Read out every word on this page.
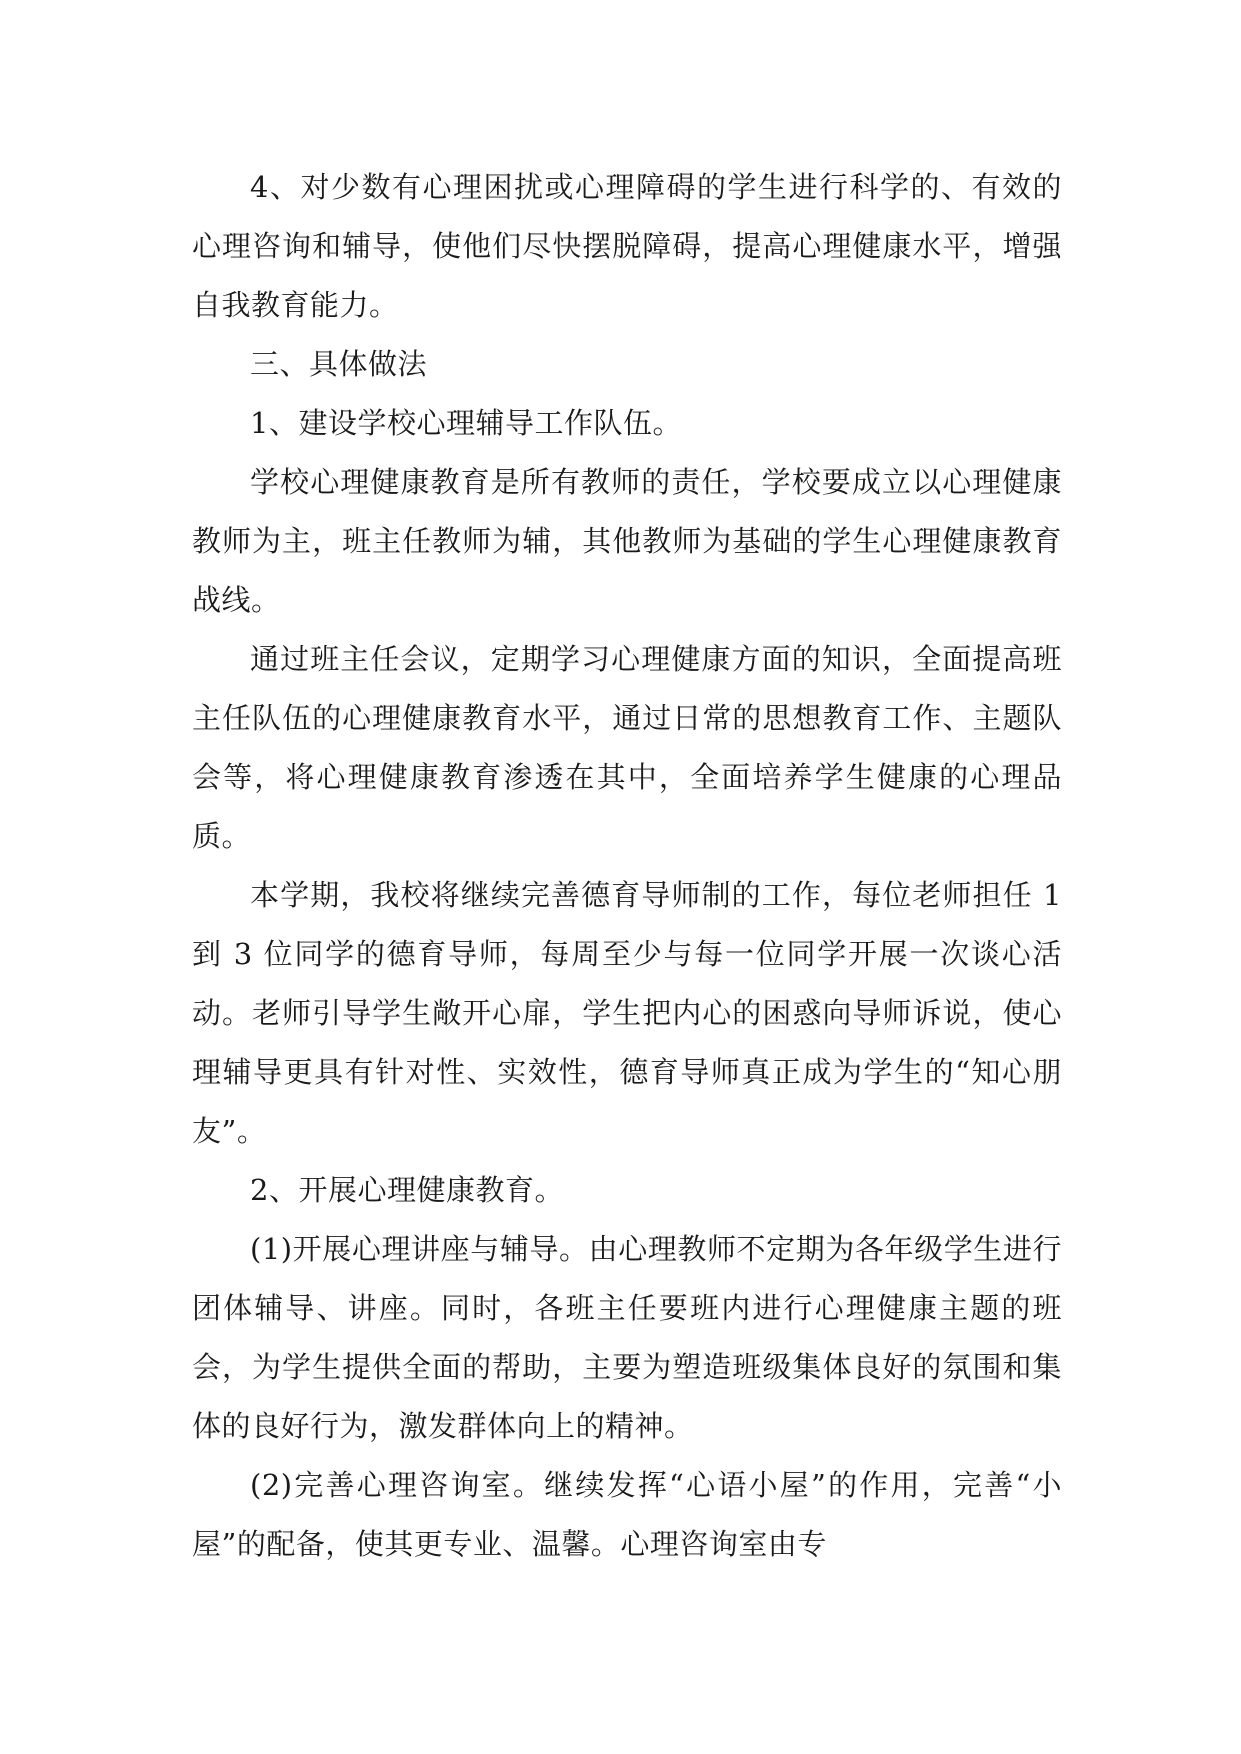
4、对少数有心理困扰或心理障碍的学生进行科学的、有效的心理咨询和辅导，使他们尽快摆脱障碍，提高心理健康水平，增强自我教育能力。

三、具体做法

1、建设学校心理辅导工作队伍。

学校心理健康教育是所有教师的责任，学校要成立以心理健康教师为主，班主任教师为辅，其他教师为基础的学生心理健康教育战线。

通过班主任会议，定期学习心理健康方面的知识，全面提高班主任队伍的心理健康教育水平，通过日常的思想教育工作、主题队会等，将心理健康教育渗透在其中，全面培养学生健康的心理品质。

本学期，我校将继续完善德育导师制的工作，每位老师担任 1 到 3 位同学的德育导师，每周至少与每一位同学开展一次谈心活动。老师引导学生敞开心扉，学生把内心的困惑向导师诉说，使心理辅导更具有针对性、实效性，德育导师真正成为学生的“知心朋友”。

2、开展心理健康教育。

(1)开展心理讲座与辅导。由心理教师不定期为各年级学生进行团体辅导、讲座。同时，各班主任要班内进行心理健康主题的班会，为学生提供全面的帮助，主要为塑造班级集体良好的氛围和集体的良好行为，激发群体向上的精神。

(2)完善心理咨询室。继续发挥“心语小屋”的作用，完善“小屋”的配备，使其更专业、温馨。心理咨询室由专
